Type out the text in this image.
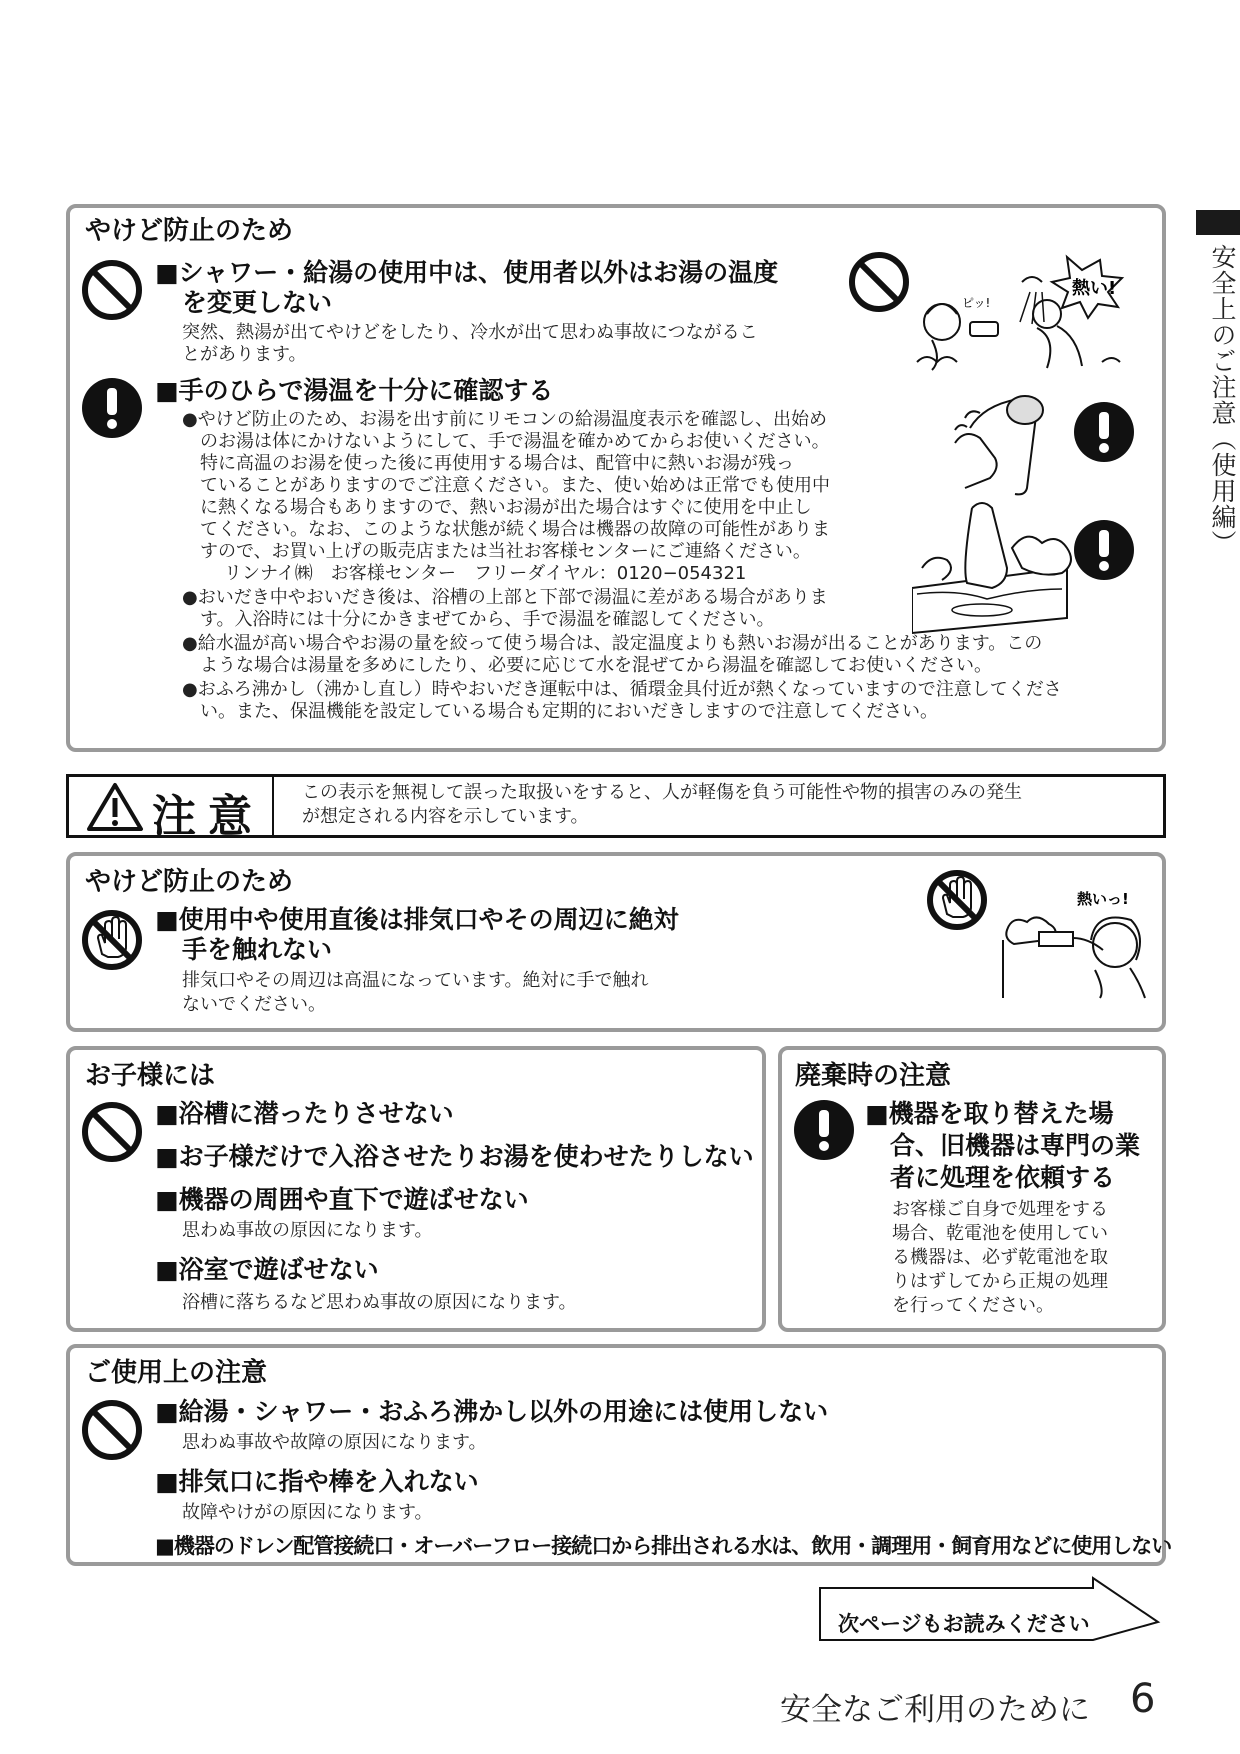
安全上のご注意（使用編）
やけど防止のため
■シャワー・給湯の使用中は、使用者以外はお湯の温度
を変更しない
突然、熱湯が出てやけどをしたり、冷水が出て思わぬ事故につながるこ
とがあります。
熱い!
ピッ!
■手のひらで湯温を十分に確認する
●やけど防止のため、お湯を出す前にリモコンの給湯温度表示を確認し、出始め
のお湯は体にかけないようにして、手で湯温を確かめてからお使いください。
特に高温のお湯を使った後に再使用する場合は、配管中に熱いお湯が残っ
ていることがありますのでご注意ください。また、使い始めは正常でも使用中
に熱くなる場合もありますので、熱いお湯が出た場合はすぐに使用を中止し
てください。なお、このような状態が続く場合は機器の故障の可能性がありま
すので、お買い上げの販売店または当社お客様センターにご連絡ください。
リンナイ㈱　お客様センター　フリーダイヤル：0120−054321
●おいだき中やおいだき後は、浴槽の上部と下部で湯温に差がある場合がありま
す。入浴時には十分にかきまぜてから、手で湯温を確認してください。
●給水温が高い場合やお湯の量を絞って使う場合は、設定温度よりも熱いお湯が出ることがあります。この
ような場合は湯量を多めにしたり、必要に応じて水を混ぜてから湯温を確認してお使いください。
●おふろ沸かし（沸かし直し）時やおいだき運転中は、循環金具付近が熱くなっていますので注意してくださ
い。また、保温機能を設定している場合も定期的においだきしますので注意してください。
注意 この表示を無視して誤った取扱いをすると、人が軽傷を負う可能性や物的損害のみの発生
が想定される内容を示しています。
やけど防止のため
■使用中や使用直後は排気口やその周辺に絶対
手を触れない
排気口やその周辺は高温になっています。絶対に手で触れ
ないでください。
熱いっ!
お子様には
■浴槽に潜ったりさせない
■お子様だけで入浴させたりお湯を使わせたりしない
■機器の周囲や直下で遊ばせない
思わぬ事故の原因になります。
■浴室で遊ばせない
浴槽に落ちるなど思わぬ事故の原因になります。
廃棄時の注意
■機器を取り替えた場
合、旧機器は専門の業
者に処理を依頼する
お客様ご自身で処理をする
場合、乾電池を使用してい
る機器は、必ず乾電池を取
りはずしてから正規の処理
を行ってください。
ご使用上の注意
■給湯・シャワー・おふろ沸かし以外の用途には使用しない
思わぬ事故や故障の原因になります。
■排気口に指や棒を入れない
故障やけがの原因になります。
■機器のドレン配管接続口・オーバーフロー接続口から排出される水は、飲用・調理用・飼育用などに使用しない
次ページもお読みください
安全なご利用のために 6
